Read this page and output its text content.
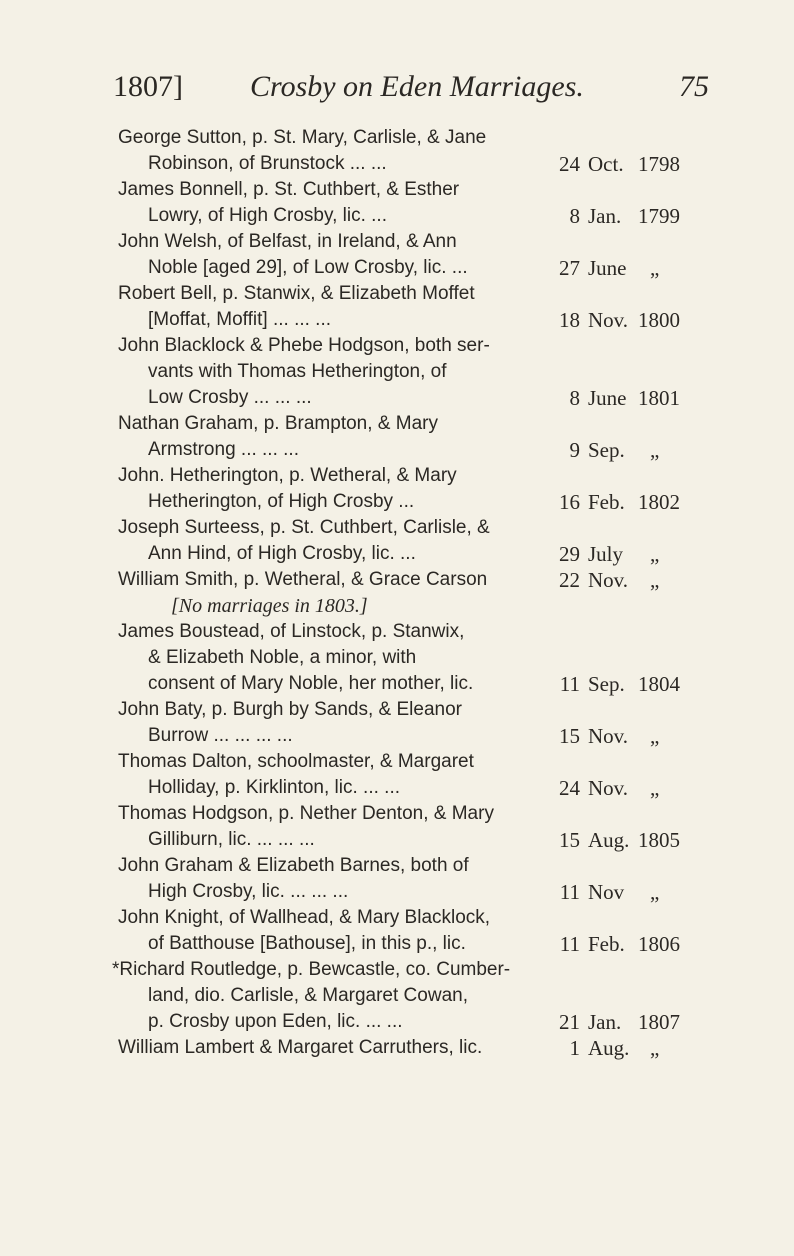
1807] Crosby on Eden Marriages.	75
George Sutton, p. St. Mary, Carlisle, & Jane
Robinson, of Brunstock ... ...	24 Oct. 1798
James Bonnell, p. St. Cuthbert, & Esther
Lowry, of High Crosby, lic. ...	8 Jan. 1799
John Welsh, of Belfast, in Ireland, & Ann
Noble [aged 29], of Low Crosby, lic. ...	27 June „
Robert Bell, p. Stanwix, & Elizabeth Moffet
[Moffat, Moffit] ... ... ...	18 Nov. 1800
John Blacklock & Phebe Hodgson, both ser-
vants with Thomas Hetherington, of
Low Crosby ... ... ...	8 June 1801
Nathan Graham, p. Brampton, & Mary
Armstrong ... ... ...	9 Sep. „
John. Hetherington, p. Wetheral, & Mary
Hetherington, of High Crosby ...	16 Feb. 1802
Joseph Surteess, p. St. Cuthbert, Carlisle, &
Ann Hind, of High Crosby, lic. ...	29 July „
William Smith, p. Wetheral, & Grace Carson	22 Nov. „
[No marriages in 1803.]
James Boustead, of Linstock, p. Stanwix,
& Elizabeth Noble, a minor, with
consent of Mary Noble, her mother, lic.	11 Sep. 1804
John Baty, p. Burgh by Sands, & Eleanor
Burrow ... ... ... ...	15 Nov. „
Thomas Dalton, schoolmaster, & Margaret
Holliday, p. Kirklinton, lic. ... ...	24 Nov. „
Thomas Hodgson, p. Nether Denton, & Mary
Gilliburn, lic. ... ... ...	15 Aug. 1805
John Graham & Elizabeth Barnes, both of
High Crosby, lic. ... ... ...	11 Nov „
John Knight, of Wallhead, & Mary Blacklock,
of Batthouse [Bathouse], in this p., lic.	11 Feb. 1806
*Richard Routledge, p. Bewcastle, co. Cumber-
land, dio. Carlisle, & Margaret Cowan,
p. Crosby upon Eden, lic. ... ...	21 Jan. 1807
William Lambert & Margaret Carruthers, lic.	1 Aug. „
